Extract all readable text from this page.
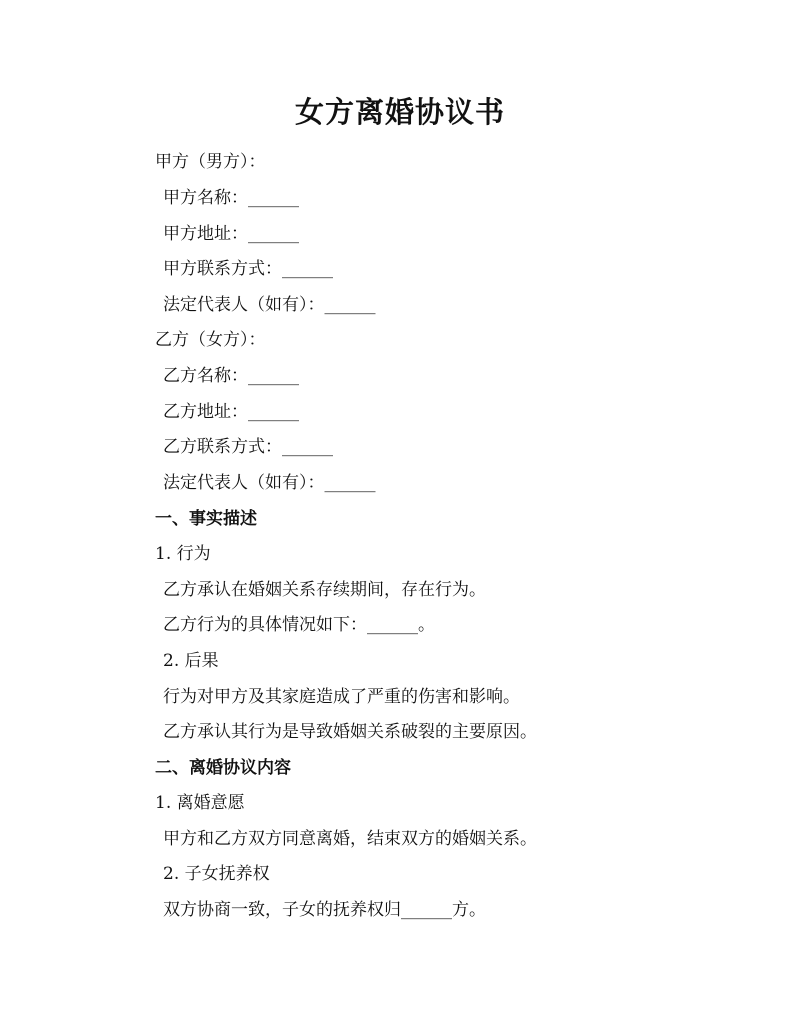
女方离婚协议书
甲方（男方）：
甲方名称：______
甲方地址：______
甲方联系方式：______
法定代表人（如有）：______
乙方（女方）：
乙方名称：______
乙方地址：______
乙方联系方式：______
法定代表人（如有）：______
一、事实描述
1. 行为
乙方承认在婚姻关系存续期间，存在行为。
乙方行为的具体情况如下：______。
2. 后果
行为对甲方及其家庭造成了严重的伤害和影响。
乙方承认其行为是导致婚姻关系破裂的主要原因。
二、离婚协议内容
1. 离婚意愿
甲方和乙方双方同意离婚，结束双方的婚姻关系。
2. 子女抚养权
双方协商一致，子女的抚养权归______方。
